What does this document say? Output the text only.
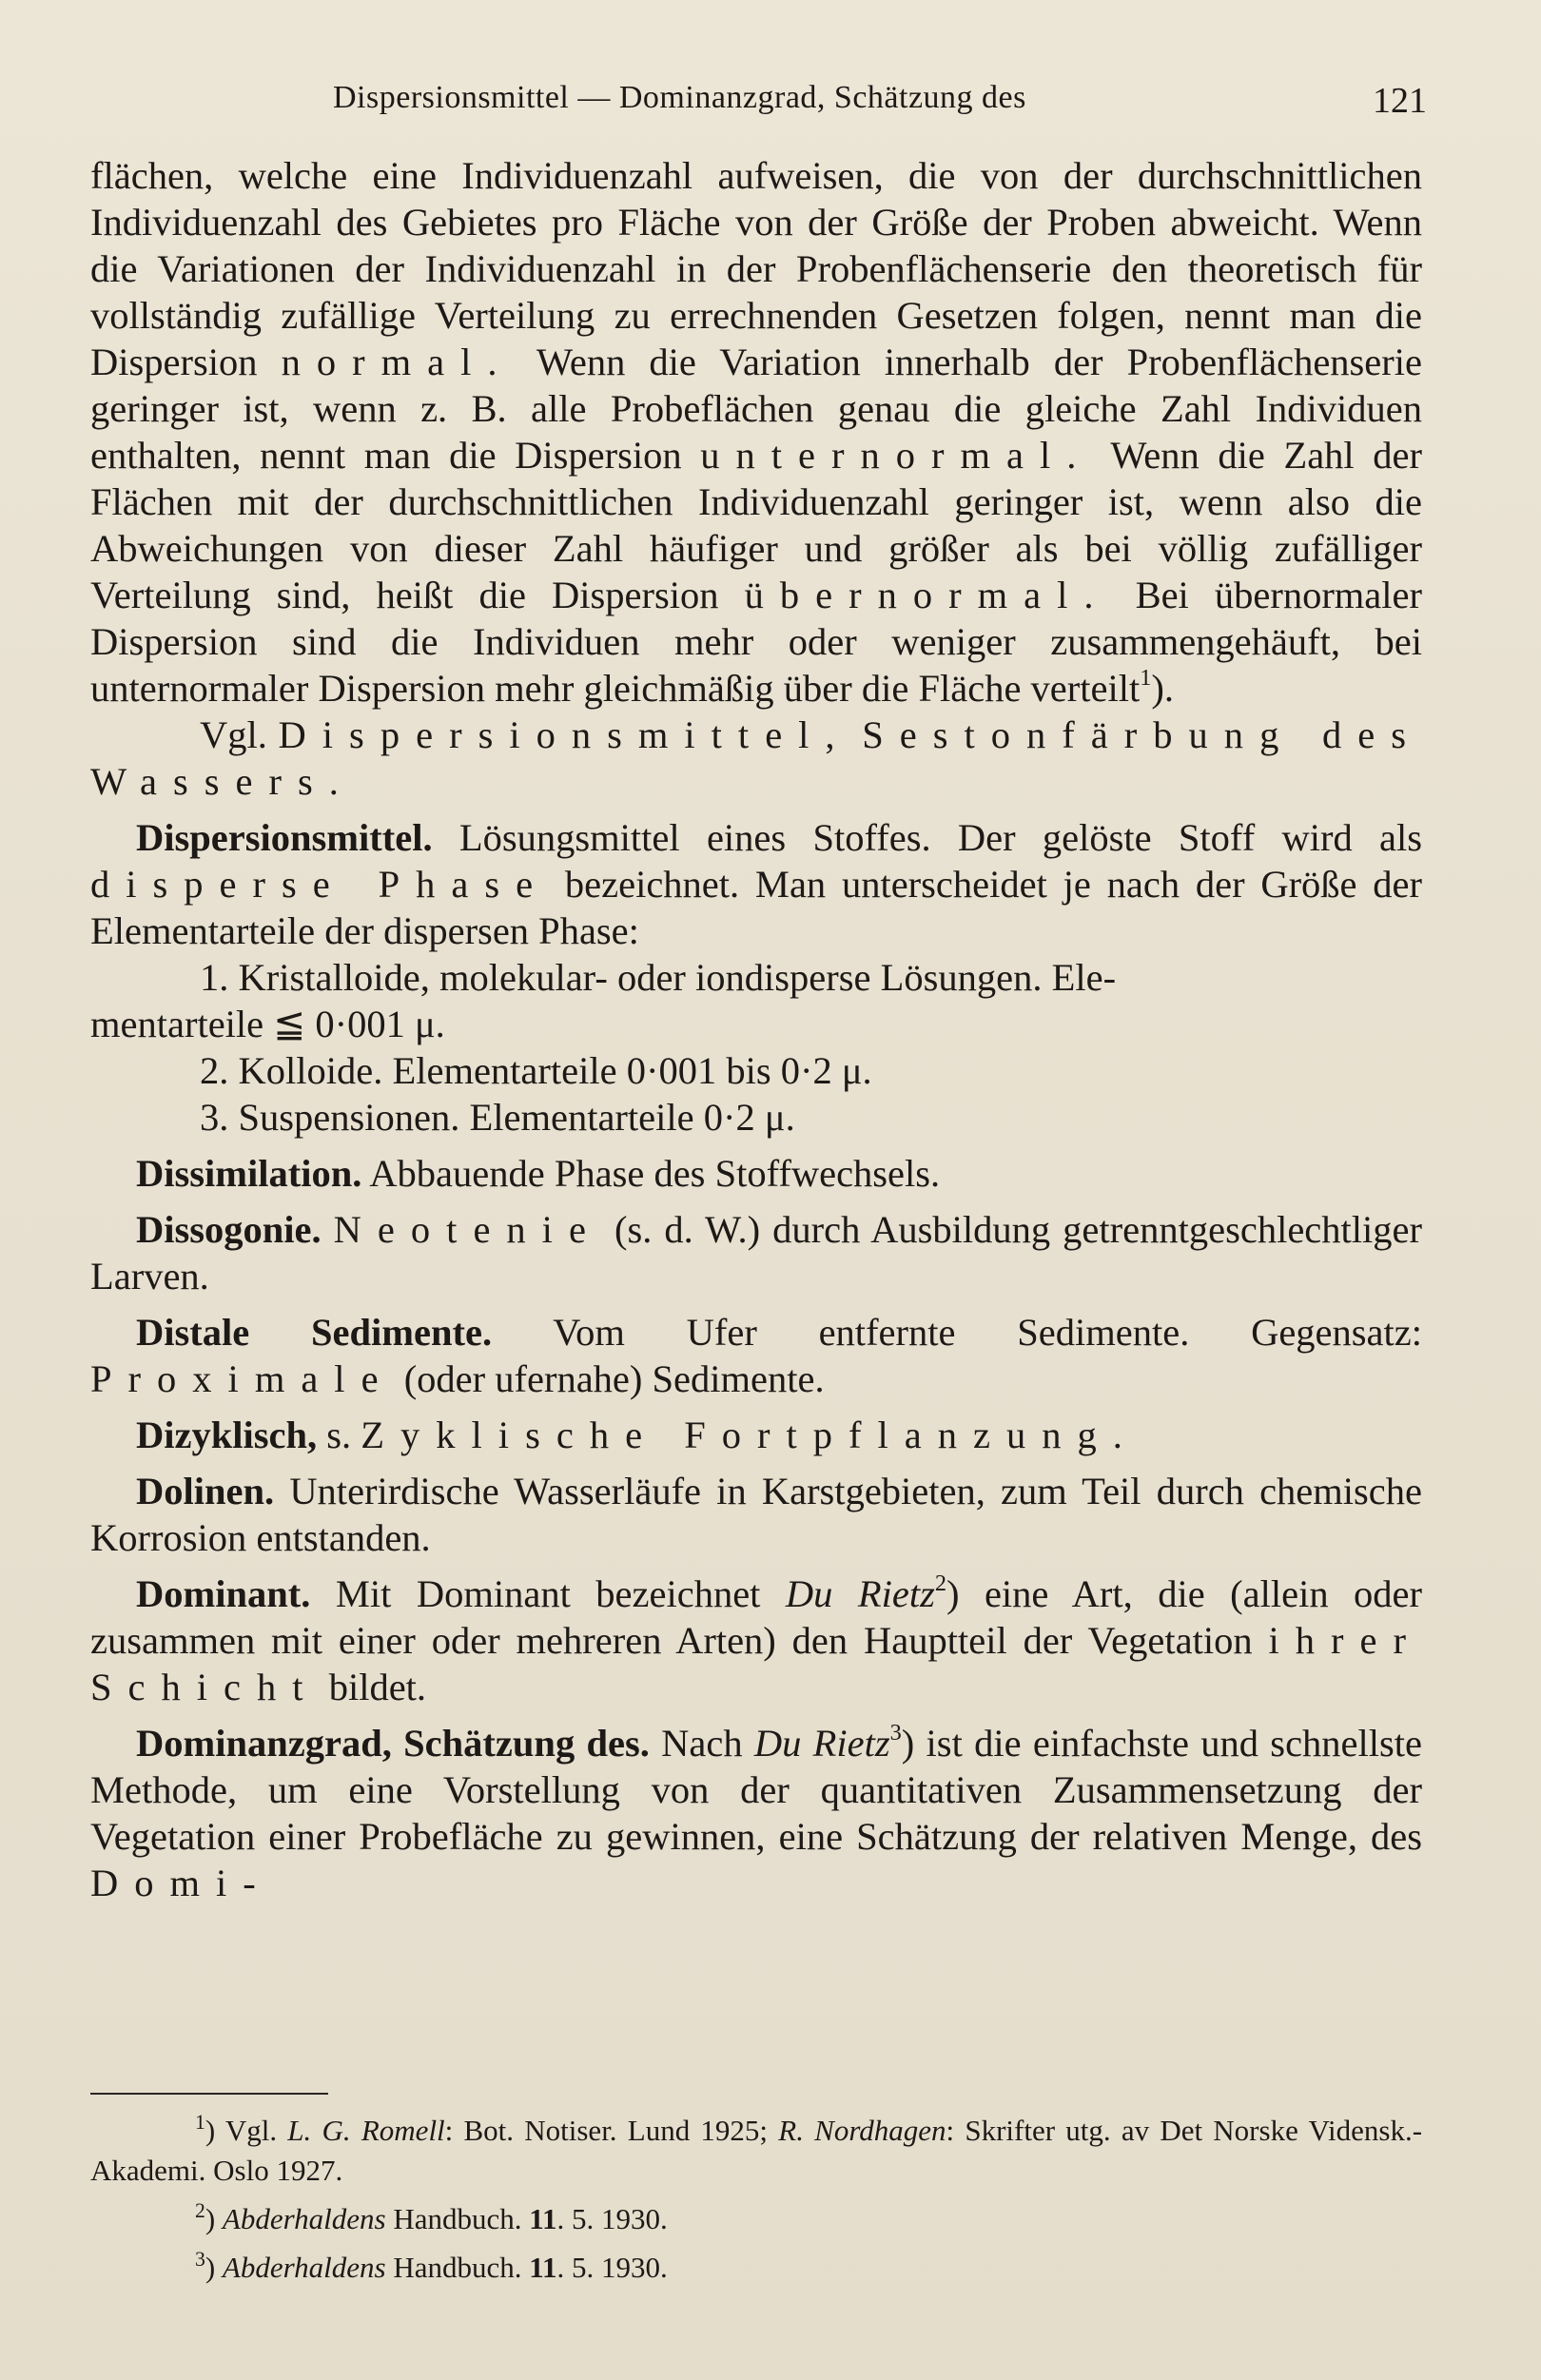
Dispersionsmittel — Dominanzgrad, Schätzung des	121

flächen, welche eine Individuenzahl aufweisen, die von der durchschnittlichen Individuenzahl des Gebietes pro Fläche von der Größe der Proben abweicht. Wenn die Variationen der Individuenzahl in der Probenflächenserie den theoretisch für vollständig zufällige Verteilung zu errechnenden Gesetzen folgen, nennt man die Dispersion normal. Wenn die Variation innerhalb der Probenflächenserie geringer ist, wenn z. B. alle Probeflächen genau die gleiche Zahl Individuen enthalten, nennt man die Dispersion unternormal. Wenn die Zahl der Flächen mit der durchschnittlichen Individuenzahl geringer ist, wenn also die Abweichungen von dieser Zahl häufiger und größer als bei völlig zufälliger Verteilung sind, heißt die Dispersion übernormal. Bei übernormaler Dispersion sind die Individuen mehr oder weniger zusammengehäuft, bei unternormaler Dispersion mehr gleichmäßig über die Fläche verteilt$^1$).

Vgl. Dispersionsmittel, Sestonfärbung des Wassers.

Dispersionsmittel. Lösungsmittel eines Stoffes. Der gelöste Stoff wird als disperse Phase bezeichnet. Man unterscheidet je nach der Größe der Elementarteile der dispersen Phase:

1. Kristalloide, molekular- oder iondisperse Lösungen. Ele-

mentarteile ≦ 0·001 μ.

2. Kolloide. Elementarteile 0·001 bis 0·2 μ.

3. Suspensionen. Elementarteile 0·2 μ.

Dissimilation. Abbauende Phase des Stoffwechsels.

Dissogonie. Neotenie (s. d. W.) durch Ausbildung getrenntgeschlechtliger Larven.

Distale Sedimente. Vom Ufer entfernte Sedimente. Gegensatz: Proximale (oder ufernahe) Sedimente.

Dizyklisch, s. Zyklische Fortpflanzung.

Dolinen. Unterirdische Wasserläufe in Karstgebieten, zum Teil durch chemische Korrosion entstanden.

Dominant. Mit Dominant bezeichnet Du Rietz$^2$) eine Art, die (allein oder zusammen mit einer oder mehreren Arten) den Hauptteil der Vegetation ihrer Schicht bildet.

Dominanzgrad, Schätzung des. Nach Du Rietz$^3$) ist die einfachste und schnellste Methode, um eine Vorstellung von der quantitativen Zusammensetzung der Vegetation einer Probefläche zu gewinnen, eine Schätzung der relativen Menge, des Domi-

$^1$) Vgl. L. G. Romell: Bot. Notiser. Lund 1925; R. Nordhagen: Skrifter utg. av Det Norske Vidensk.-Akademi. Oslo 1927.

$^2$) Abderhaldens Handbuch. 11. 5. 1930.

$^3$) Abderhaldens Handbuch. 11. 5. 1930.
